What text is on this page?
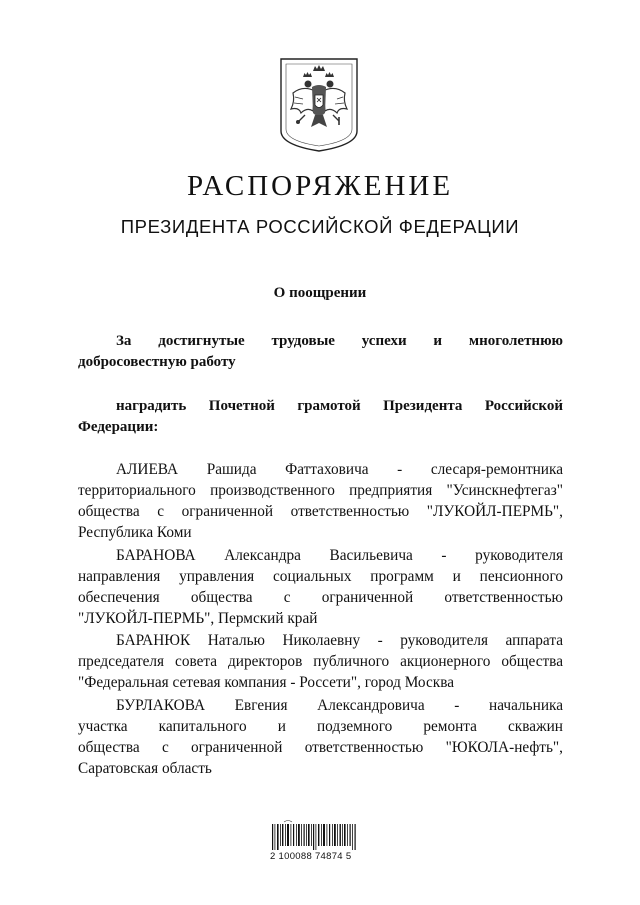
РАСПОРЯЖЕНИЕ
ПРЕЗИДЕНТА РОССИЙСКОЙ ФЕДЕРАЦИИ
О поощрении
За достигнутые трудовые успехи и многолетнюю
добросовестную работу
наградить Почетной грамотой Президента Российской
Федерации:
АЛИЕВА Рашида Фаттаховича - слесаря-ремонтника
территориального производственного предприятия "Усинскнефтегаз"
общества с ограниченной ответственностью "ЛУКОЙЛ-ПЕРМЬ",
Республика Коми
БАРАНОВА Александра Васильевича - руководителя
направления управления социальных программ и пенсионного
обеспечения общества с ограниченной ответственностью
"ЛУКОЙЛ-ПЕРМЬ", Пермский край
БАРАНЮК Наталью Николаевну - руководителя аппарата
председателя совета директоров публичного акционерного общества
"Федеральная сетевая компания - Россети", город Москва
БУРЛАКОВА Евгения Александровича - начальника
участка капитального и подземного ремонта скважин
общества с ограниченной ответственностью "ЮКОЛА-нефть",
Саратовская область
2 100088 74874 5
